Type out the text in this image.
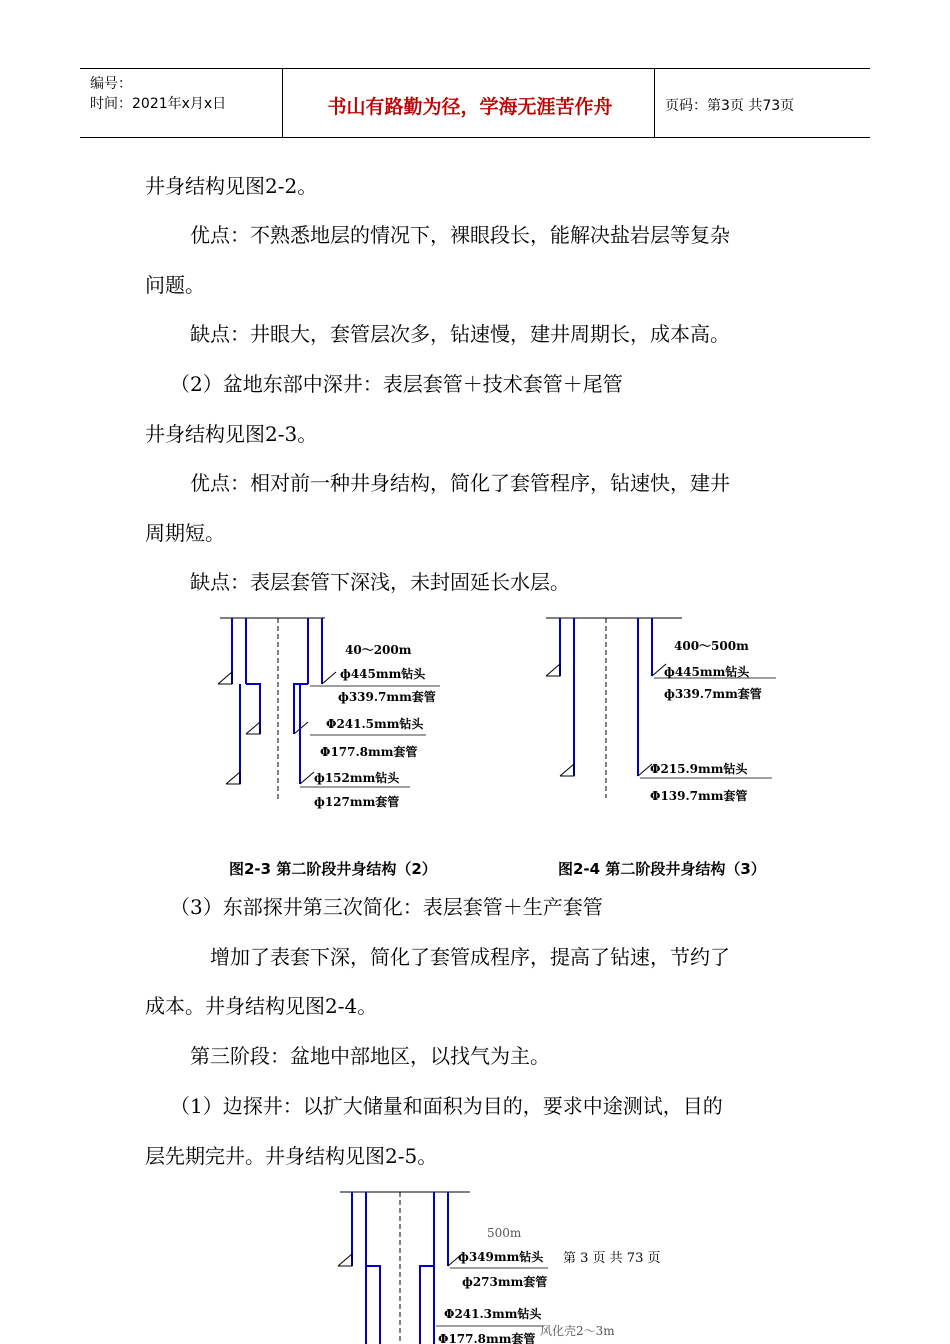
编号：
时间：2021年x月x日	书山有路勤为径，学海无涯苦作舟	页码：第3页 共73页
井身结构见图2-2。
优点：不熟悉地层的情况下，裸眼段长，能解决盐岩层等复杂
问题。
缺点：井眼大，套管层次多，钻速慢，建井周期长，成本高。
（2）盆地东部中深井：表层套管＋技术套管＋尾管
井身结构见图2-3。
优点：相对前一种井身结构，简化了套管程序，钻速快，建井
周期短。
缺点：表层套管下深浅，未封固延长水层。
40～200m
ф445mm钻头
ф339.7mm套管
Φ241.5mm钻头
Φ177.8mm套管
ф152mm钻头
ф127mm套管
400～500m
ф445mm钻头
ф339.7mm套管
Φ215.9mm钻头
Φ139.7mm套管
图2-3 第二阶段井身结构（2）	图2-4 第二阶段井身结构（3）
（3）东部探井第三次简化：表层套管＋生产套管
增加了表套下深，简化了套管成程序，提高了钻速，节约了
成本。井身结构见图2-4。
第三阶段：盆地中部地区，以找气为主。
（1）边探井：以扩大储量和面积为目的，要求中途测试，目的
层先期完井。井身结构见图2-5。
500m
ф349mm钻头
ф273mm套管
Φ241.3mm钻头
Φ177.8mm套管
风化壳2～3m
第 3 页 共 73 页
